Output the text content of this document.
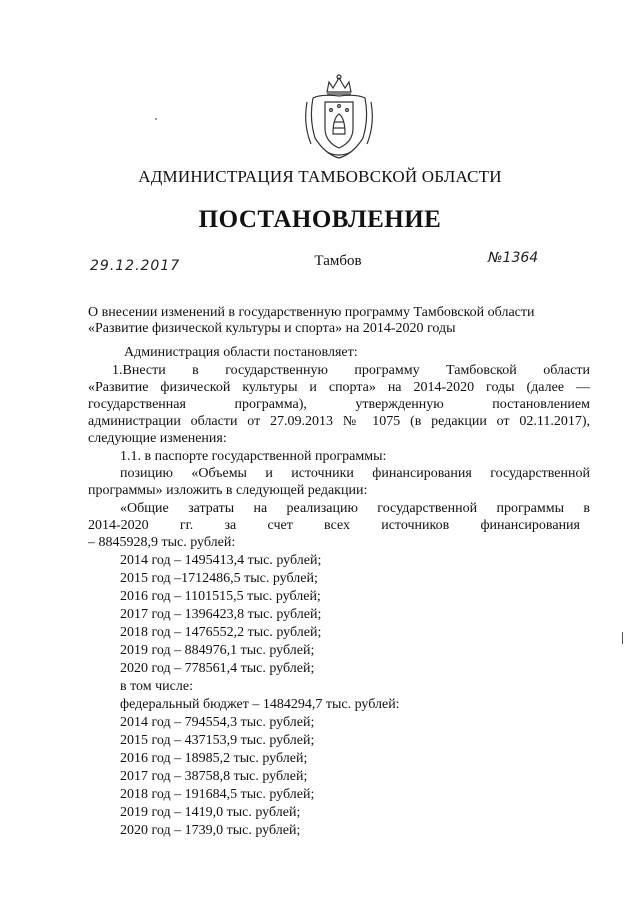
АДМИНИСТРАЦИЯ ТАМБОВСКОЙ ОБЛАСТИ
ПОСТАНОВЛЕНИЕ
29.12.2017	Тамбов	№1364
О внесении изменений в государственную программу Тамбовской области
«Развитие физической культуры и спорта» на 2014-2020 годы
Администрация области постановляет:
1.Внести в государственную программу Тамбовской области
«Развитие физической культуры и спорта» на 2014-2020 годы (далее —
государственная программа), утвержденную постановлением
администрации области от 27.09.2013 № 1075 (в редакции от 02.11.2017),
следующие изменения:
1.1. в паспорте государственной программы:
позицию «Объемы и источники финансирования государственной
программы» изложить в следующей редакции:
«Общие затраты на реализацию государственной программы в
2014-2020 гг. за счет всех источников финансирования
– 8845928,9 тыс. рублей:
2014 год – 1495413,4 тыс. рублей;
2015 год –1712486,5 тыс. рублей;
2016 год – 1101515,5 тыс. рублей;
2017 год – 1396423,8 тыс. рублей;
2018 год – 1476552,2 тыс. рублей;
2019 год – 884976,1 тыс. рублей;
2020 год – 778561,4 тыс. рублей;
в том числе:
федеральный бюджет – 1484294,7 тыс. рублей:
2014 год – 794554,3 тыс. рублей;
2015 год – 437153,9 тыс. рублей;
2016 год – 18985,2 тыс. рублей;
2017 год – 38758,8 тыс. рублей;
2018 год – 191684,5 тыс. рублей;
2019 год – 1419,0 тыс. рублей;
2020 год – 1739,0 тыс. рублей;
